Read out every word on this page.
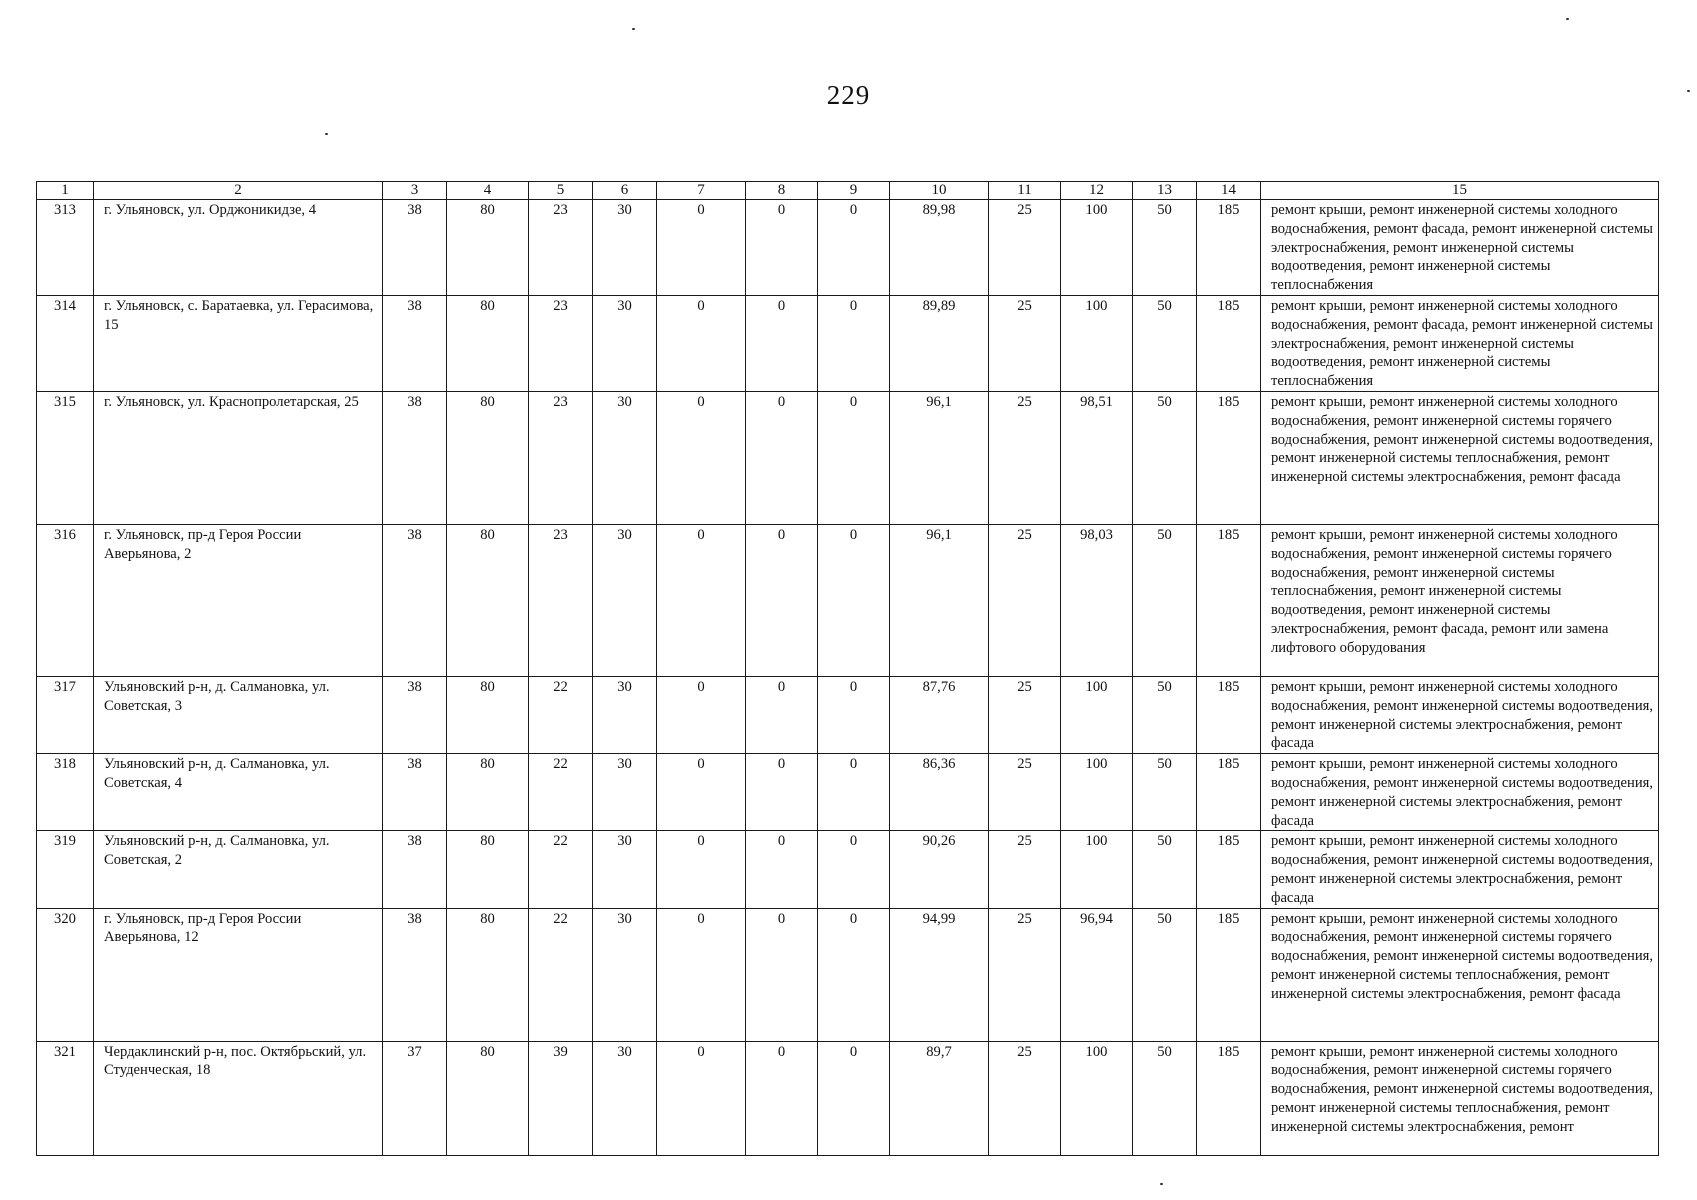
229
1	2	3	4	5	6	7	8	9	10	11	12	13	14	15
313	г. Ульяновск, ул. Орджоникидзе, 4	38	80	23	30	0	0	0	89,98	25	100	50	185	ремонт крыши, ремонт инженерной системы холодного водоснабжения, ремонт фасада, ремонт инженерной системы электроснабжения, ремонт инженерной системы водоотведения, ремонт инженерной системы теплоснабжения
314	г. Ульяновск, с. Баратаевка, ул. Герасимова, 15	38	80	23	30	0	0	0	89,89	25	100	50	185	ремонт крыши, ремонт инженерной системы холодного водоснабжения, ремонт фасада, ремонт инженерной системы электроснабжения, ремонт инженерной системы водоотведения, ремонт инженерной системы теплоснабжения
315	г. Ульяновск, ул. Краснопролетарская, 25	38	80	23	30	0	0	0	96,1	25	98,51	50	185	ремонт крыши, ремонт инженерной системы холодного водоснабжения, ремонт инженерной системы горячего водоснабжения, ремонт инженерной системы водоотведения, ремонт инженерной системы теплоснабжения, ремонт инженерной системы электроснабжения, ремонт фасада
316	г. Ульяновск, пр-д Героя России Аверьянова, 2	38	80	23	30	0	0	0	96,1	25	98,03	50	185	ремонт крыши, ремонт инженерной системы холодного водоснабжения, ремонт инженерной системы горячего водоснабжения, ремонт инженерной системы теплоснабжения, ремонт инженерной системы водоотведения, ремонт инженерной системы электроснабжения, ремонт фасада, ремонт или замена лифтового оборудования
317	Ульяновский р-н, д. Салмановка, ул. Советская, 3	38	80	22	30	0	0	0	87,76	25	100	50	185	ремонт крыши, ремонт инженерной системы холодного водоснабжения, ремонт инженерной системы водоотведения, ремонт инженерной системы электроснабжения, ремонт фасада
318	Ульяновский р-н, д. Салмановка, ул. Советская, 4	38	80	22	30	0	0	0	86,36	25	100	50	185	ремонт крыши, ремонт инженерной системы холодного водоснабжения, ремонт инженерной системы водоотведения, ремонт инженерной системы электроснабжения, ремонт фасада
319	Ульяновский р-н, д. Салмановка, ул. Советская, 2	38	80	22	30	0	0	0	90,26	25	100	50	185	ремонт крыши, ремонт инженерной системы холодного водоснабжения, ремонт инженерной системы водоотведения, ремонт инженерной системы электроснабжения, ремонт фасада
320	г. Ульяновск, пр-д Героя России Аверьянова, 12	38	80	22	30	0	0	0	94,99	25	96,94	50	185	ремонт крыши, ремонт инженерной системы холодного водоснабжения, ремонт инженерной системы горячего водоснабжения, ремонт инженерной системы водоотведения, ремонт инженерной системы теплоснабжения, ремонт инженерной системы электроснабжения, ремонт фасада
321	Чердаклинский р-н, пос. Октябрьский, ул. Студенческая, 18	37	80	39	30	0	0	0	89,7	25	100	50	185	ремонт крыши, ремонт инженерной системы холодного водоснабжения, ремонт инженерной системы горячего водоснабжения, ремонт инженерной системы водоотведения, ремонт инженерной системы теплоснабжения, ремонт инженерной системы электроснабжения, ремонт
